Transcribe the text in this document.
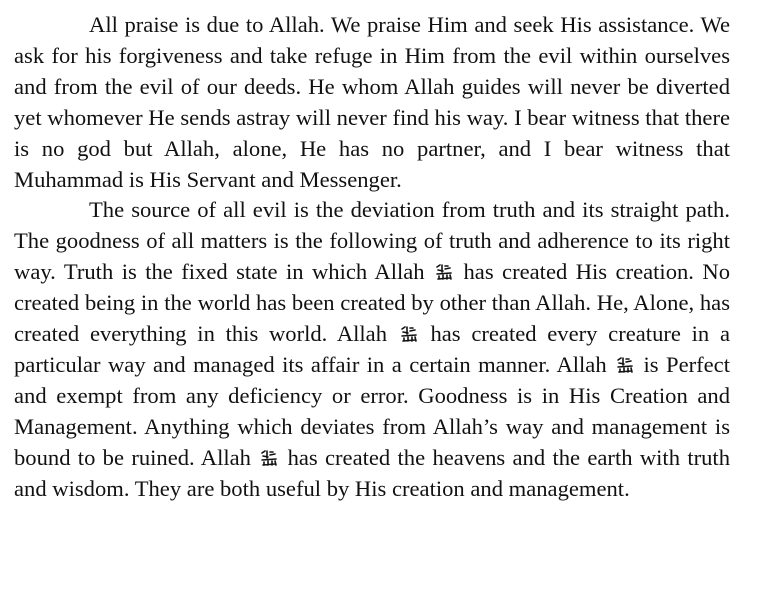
All praise is due to Allah. We praise Him and seek His assistance. We ask for his forgiveness and take refuge in Him from the evil within ourselves and from the evil of our deeds. He whom Allah guides will never be diverted yet whomever He sends astray will never find his way. I bear witness that there is no god but Allah, alone, He has no partner, and I bear witness that Muhammad is His Servant and Messenger.

The source of all evil is the deviation from truth and its straight path. The goodness of all matters is the following of truth and adherence to its right way. Truth is the fixed state in which Allah has created His creation. No created being in the world has been created by other than Allah. He, Alone, has created everything in this world. Allah has created every creature in a particular way and managed its affair in a certain manner. Allah is Perfect and exempt from any deficiency or error. Goodness is in His Creation and Management. Anything which deviates from Allah’s way and management is bound to be ruined. Allah has created the heavens and the earth with truth and wisdom. They are both useful by His creation and management.
